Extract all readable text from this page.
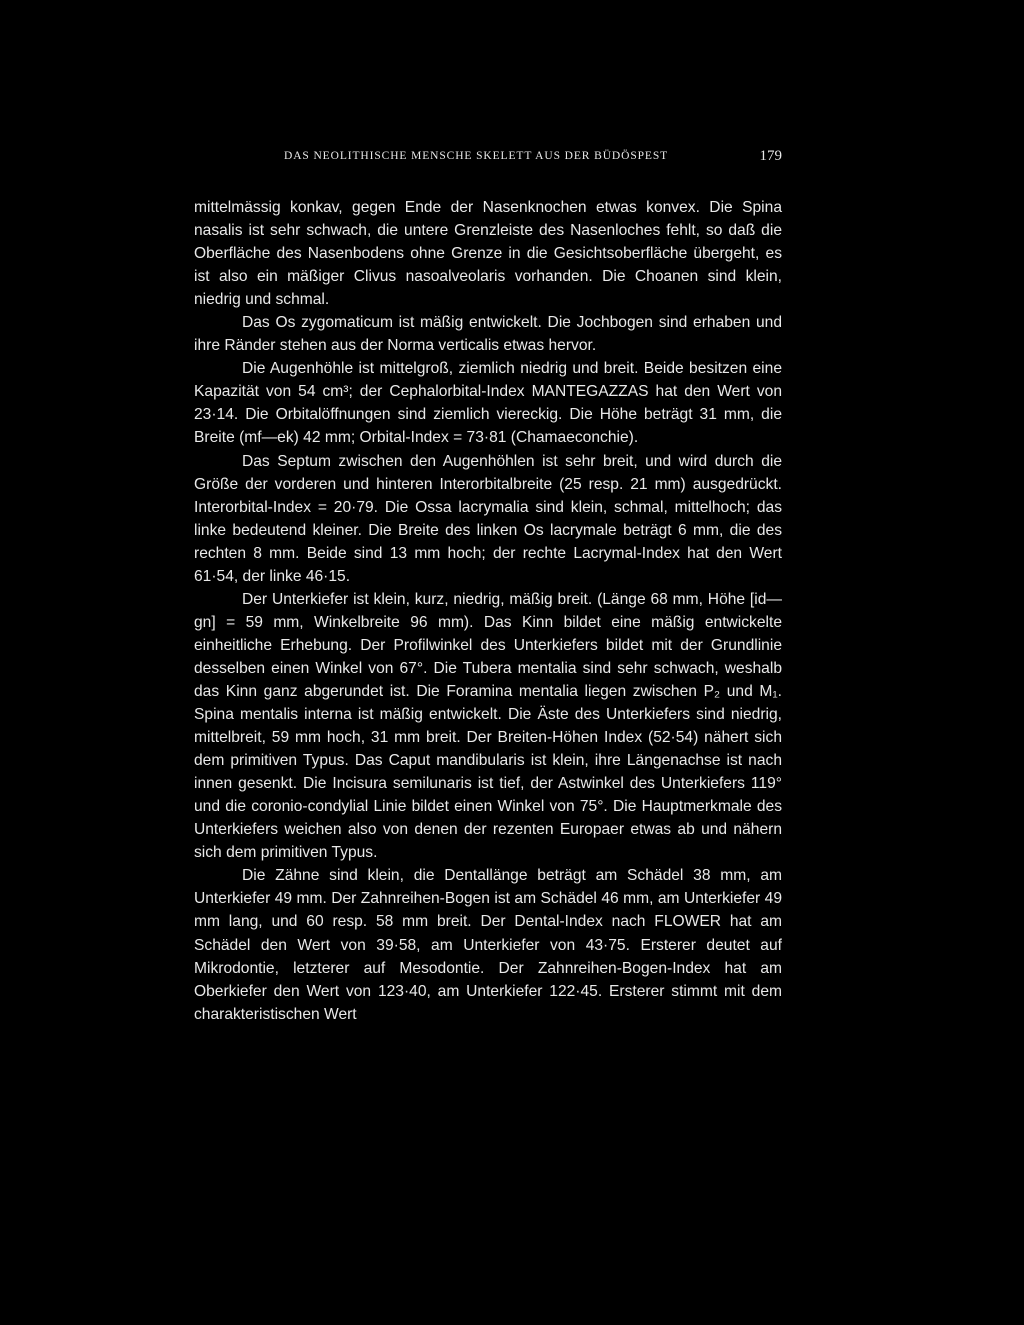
DAS NEOLITHISCHE MENSCHE SKELETT AUS DER BÜDÖSPEST	179

mittelmässig konkav, gegen Ende der Nasenknochen etwas konvex. Die Spina nasalis ist sehr schwach, die untere Grenzleiste des Nasenloches fehlt, so daß die Oberfläche des Nasenbodens ohne Grenze in die Gesichtsoberfläche übergeht, es ist also ein mäßiger Clivus nasoalveolaris vorhanden. Die Choanen sind klein, niedrig und schmal.

Das Os zygomaticum ist mäßig entwickelt. Die Jochbogen sind erhaben und ihre Ränder stehen aus der Norma verticalis etwas hervor.

Die Augenhöhle ist mittelgroß, ziemlich niedrig und breit. Beide besitzen eine Kapazität von 54 cm³; der Cephalorbital-Index MANTEGAZZAS hat den Wert von 23·14. Die Orbitalöffnungen sind ziemlich viereckig. Die Höhe beträgt 31 mm, die Breite (mf—ek) 42 mm; Orbital-Index = 73·81 (Chamaeconchie).

Das Septum zwischen den Augenhöhlen ist sehr breit, und wird durch die Größe der vorderen und hinteren Interorbitalbreite (25 resp. 21 mm) ausgedrückt. Interorbital-Index = 20·79. Die Ossa lacrymalia sind klein, schmal, mittelhoch; das linke bedeutend kleiner. Die Breite des linken Os lacrymale beträgt 6 mm, die des rechten 8 mm. Beide sind 13 mm hoch; der rechte Lacrymal-Index hat den Wert 61·54, der linke 46·15.

Der Unterkiefer ist klein, kurz, niedrig, mäßig breit. (Länge 68 mm, Höhe [id—gn] = 59 mm, Winkelbreite 96 mm). Das Kinn bildet eine mäßig entwickelte einheitliche Erhebung. Der Profilwinkel des Unterkiefers bildet mit der Grundlinie desselben einen Winkel von 67°. Die Tubera mentalia sind sehr schwach, weshalb das Kinn ganz abgerundet ist. Die Foramina mentalia liegen zwischen P₂ und M₁. Spina mentalis interna ist mäßig entwickelt. Die Äste des Unterkiefers sind niedrig, mittelbreit, 59 mm hoch, 31 mm breit. Der Breiten-Höhen Index (52·54) nähert sich dem primitiven Typus. Das Caput mandibularis ist klein, ihre Längenachse ist nach innen gesenkt. Die Incisura semilunaris ist tief, der Astwinkel des Unterkiefers 119° und die coronio-condylial Linie bildet einen Winkel von 75°. Die Hauptmerkmale des Unterkiefers weichen also von denen der rezenten Europaer etwas ab und nähern sich dem primitiven Typus.

Die Zähne sind klein, die Dentallänge beträgt am Schädel 38 mm, am Unterkiefer 49 mm. Der Zahnreihen-Bogen ist am Schädel 46 mm, am Unterkiefer 49 mm lang, und 60 resp. 58 mm breit. Der Dental-Index nach FLOWER hat am Schädel den Wert von 39·58, am Unterkiefer von 43·75. Ersterer deutet auf Mikrodontie, letzterer auf Mesodontie. Der Zahnreihen-Bogen-Index hat am Oberkiefer den Wert von 123·40, am Unterkiefer 122·45. Ersterer stimmt mit dem charakteristischen Wert
